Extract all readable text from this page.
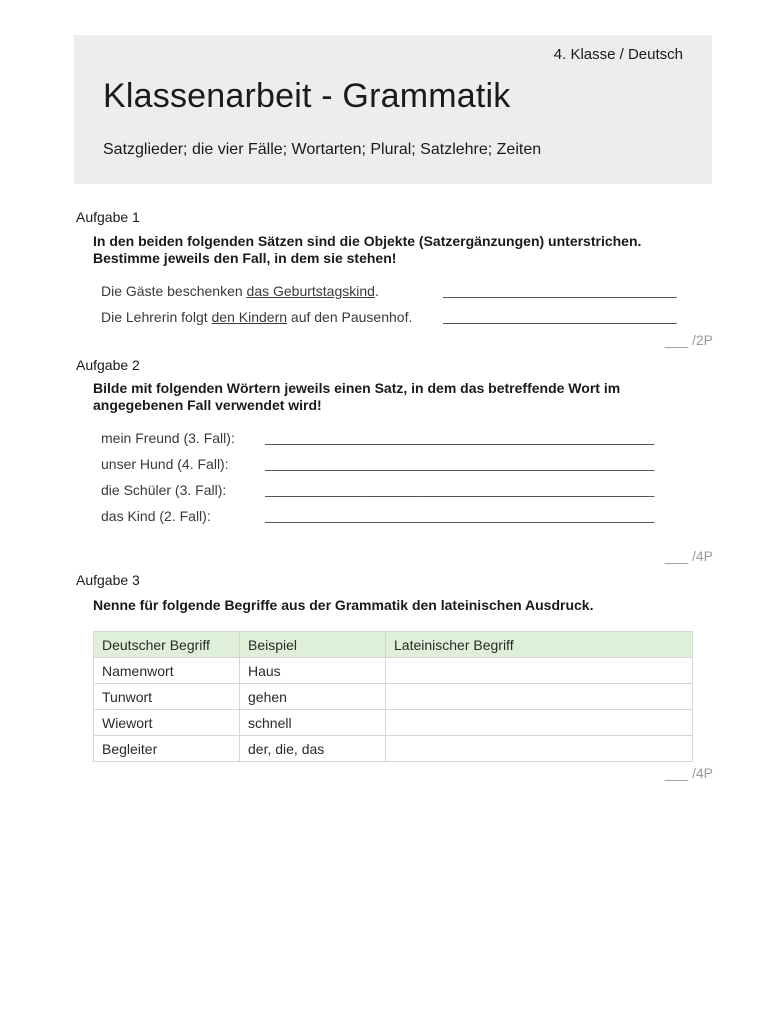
4. Klasse / Deutsch
Klassenarbeit - Grammatik
Satzglieder; die vier Fälle; Wortarten; Plural; Satzlehre; Zeiten
Aufgabe 1
In den beiden folgenden Sätzen sind die Objekte (Satzergänzungen) unterstrichen. Bestimme jeweils den Fall, in dem sie stehen!
Die Gäste beschenken das Geburtstagskind.	______________________________
Die Lehrerin folgt den Kindern auf den Pausenhof. ______________________________
___ /2P
Aufgabe 2
Bilde mit folgenden Wörtern jeweils einen Satz, in dem das betreffende Wort im angegebenen Fall verwendet wird!
mein Freund (3. Fall): __________________________________________________
unser Hund (4. Fall):	__________________________________________________
die Schüler (3. Fall):	__________________________________________________
das Kind (2. Fall):	__________________________________________________
___ /4P
Aufgabe 3
Nenne für folgende Begriffe aus der Grammatik den lateinischen Ausdruck.
Deutscher Begriff	Beispiel	Lateinischer Begriff
Namenwort	Haus	
Tunwort	gehen	
Wiewort	schnell	
Begleiter	der, die, das	
___ /4P
